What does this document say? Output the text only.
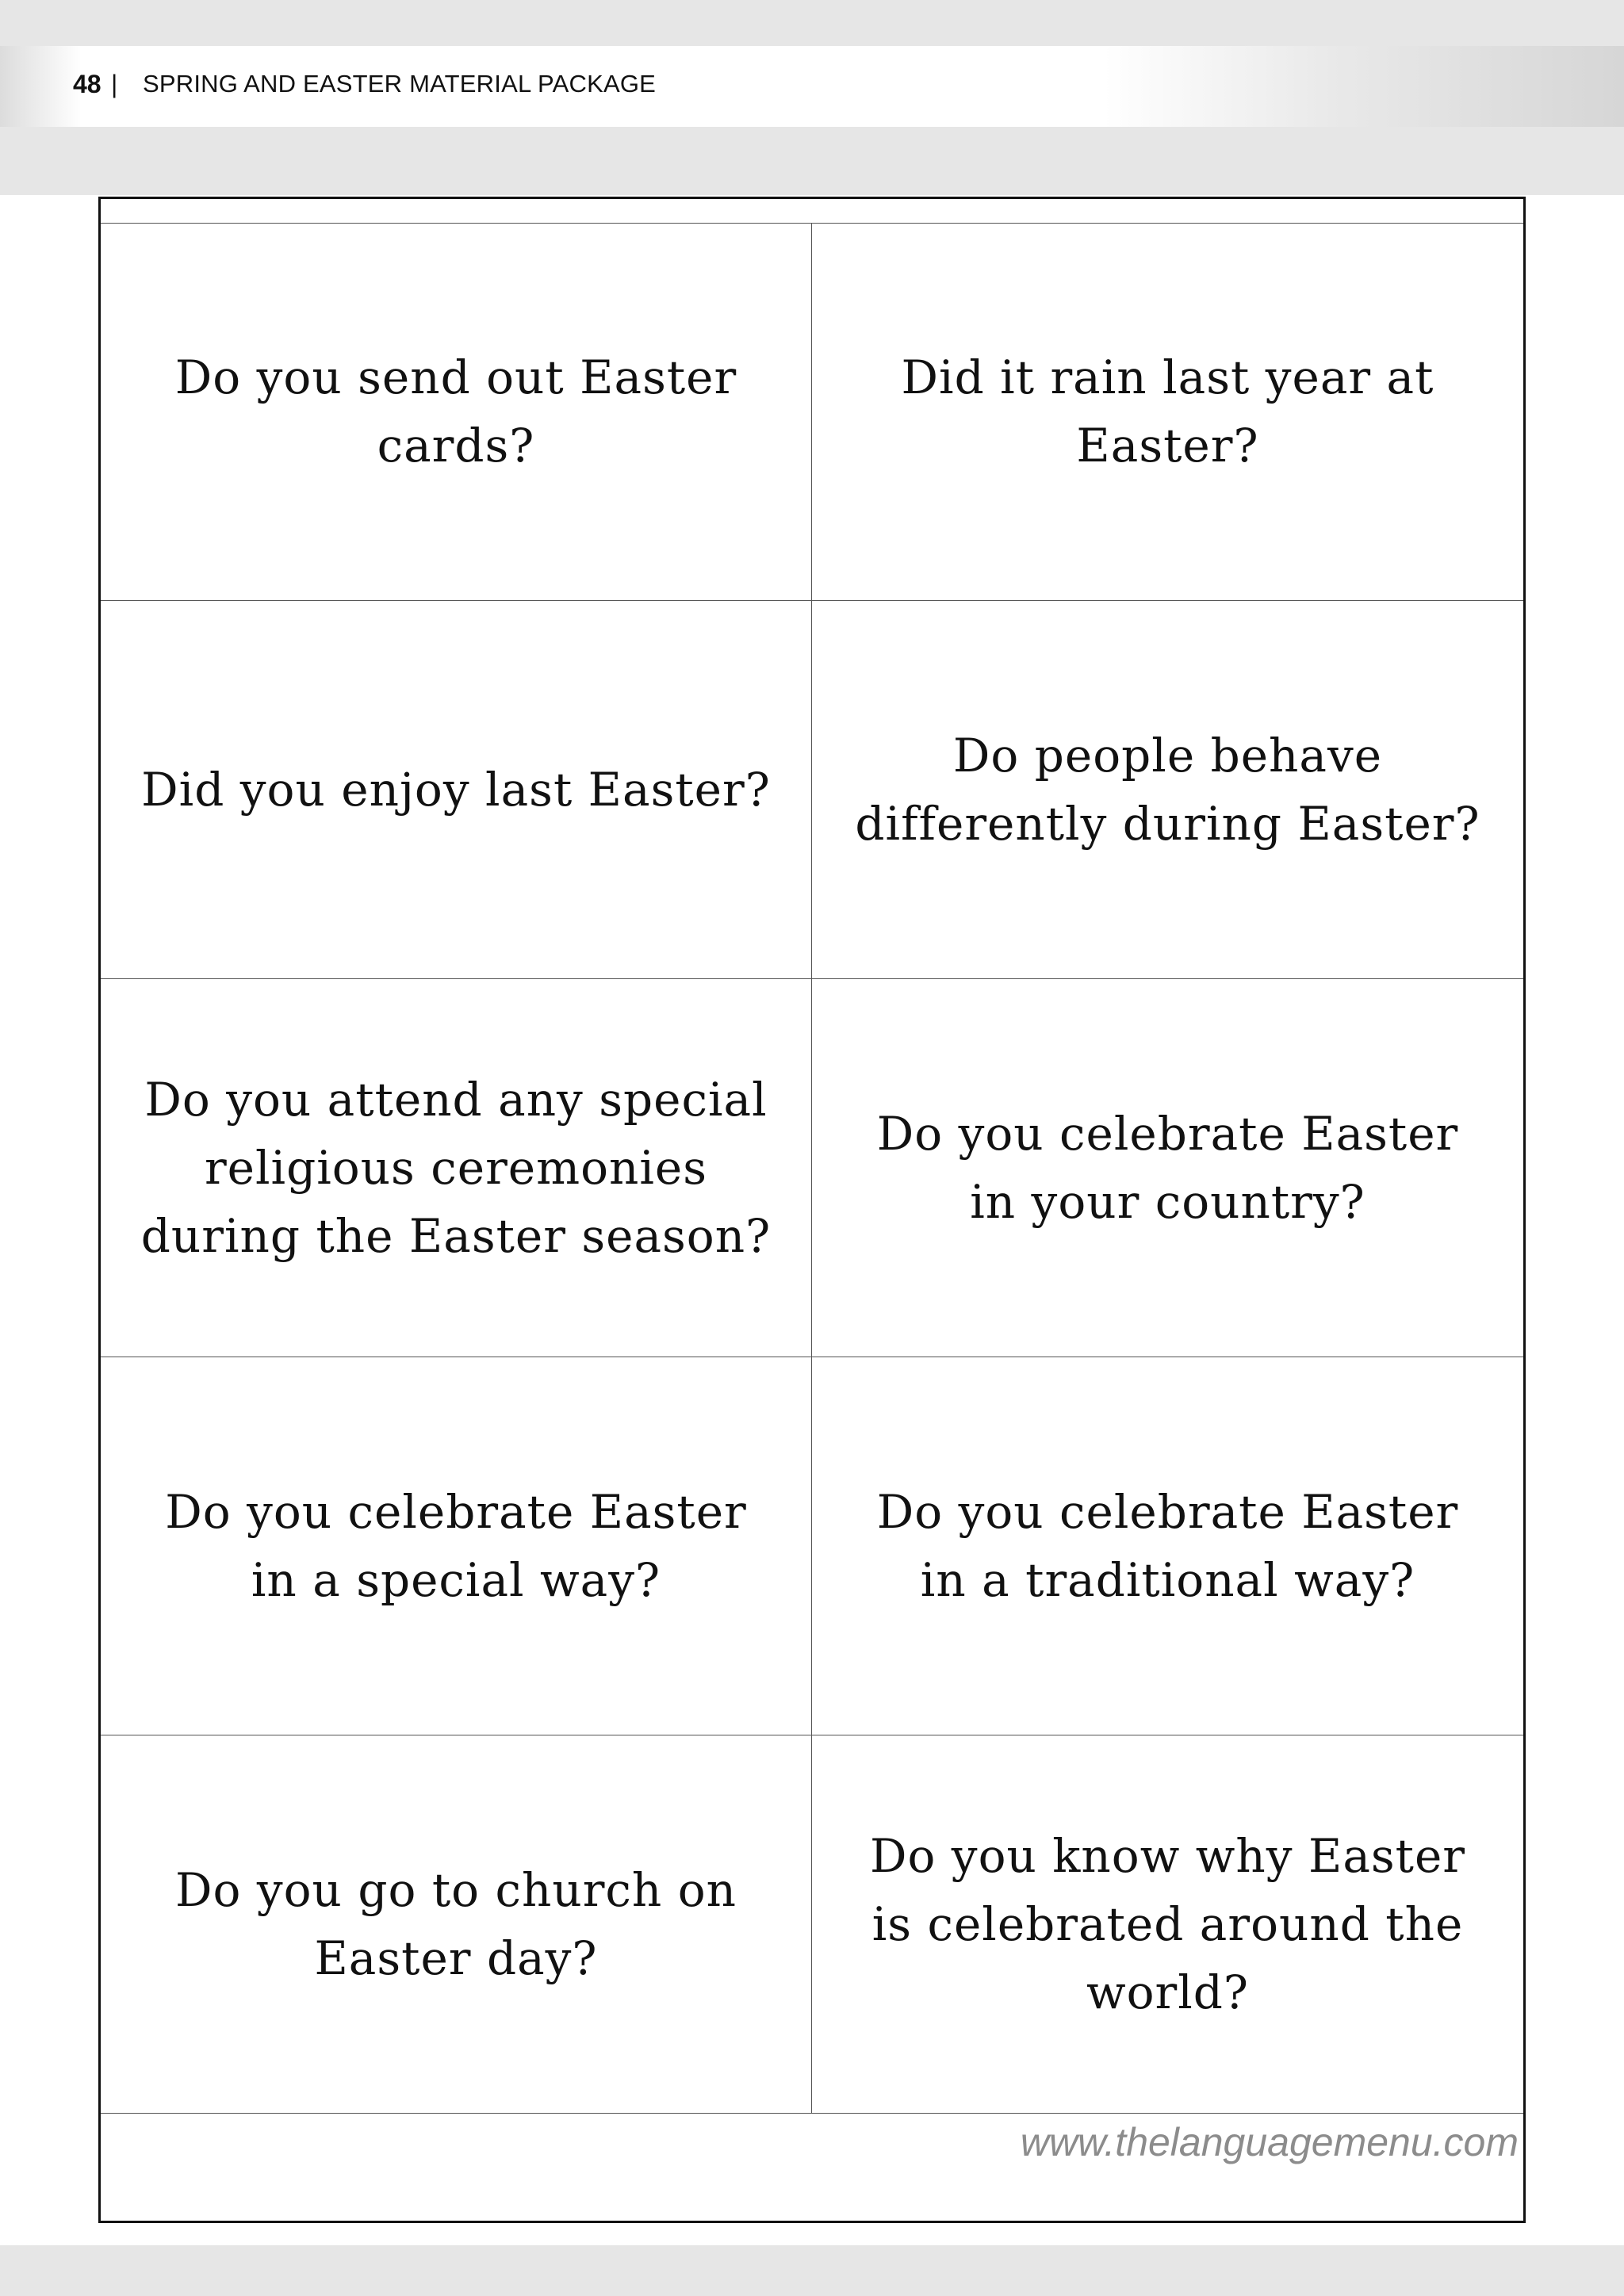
48 | SPRING AND EASTER MATERIAL PACKAGE
Do you send out Easter cards?
Did it rain last year at Easter?
Did you enjoy last Easter?
Do people behave differently during Easter?
Do you attend any special religious ceremonies during the Easter season?
Do you celebrate Easter in your country?
Do you celebrate Easter in a special way?
Do you celebrate Easter in a traditional way?
Do you go to church on Easter day?
Do you know why Easter is celebrated around the world?
www.thelanguagemenu.com
